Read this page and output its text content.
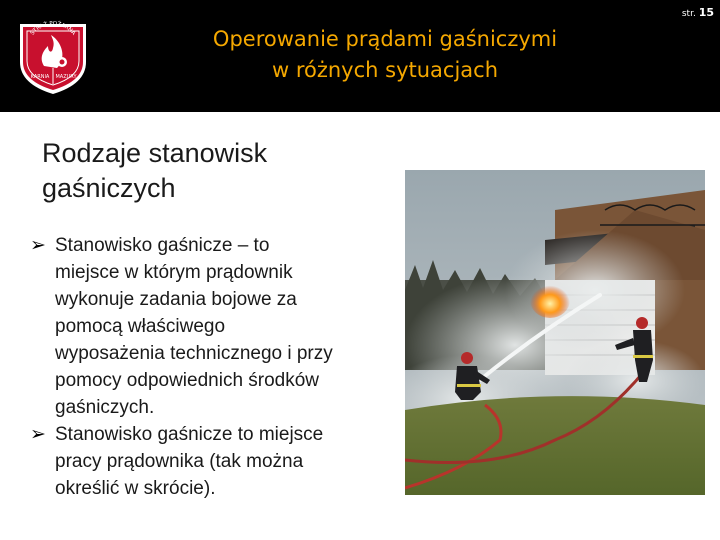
STRAŻ POŻARNA
KARNIA MAZURY
Operowanie prądami gaśniczymi
w różnych sytuacjach
str. 15
Rodzaje stanowisk
gaśniczych
➢ Stanowisko gaśnicze – to
miejsce w którym prądownik
wykonuje zadania bojowe za
pomocą właściwego
wyposażenia technicznego i przy
pomocy odpowiednich środków
gaśniczych.
➢ Stanowisko gaśnicze to miejsce
pracy prądownika (tak można
określić w skrócie).
